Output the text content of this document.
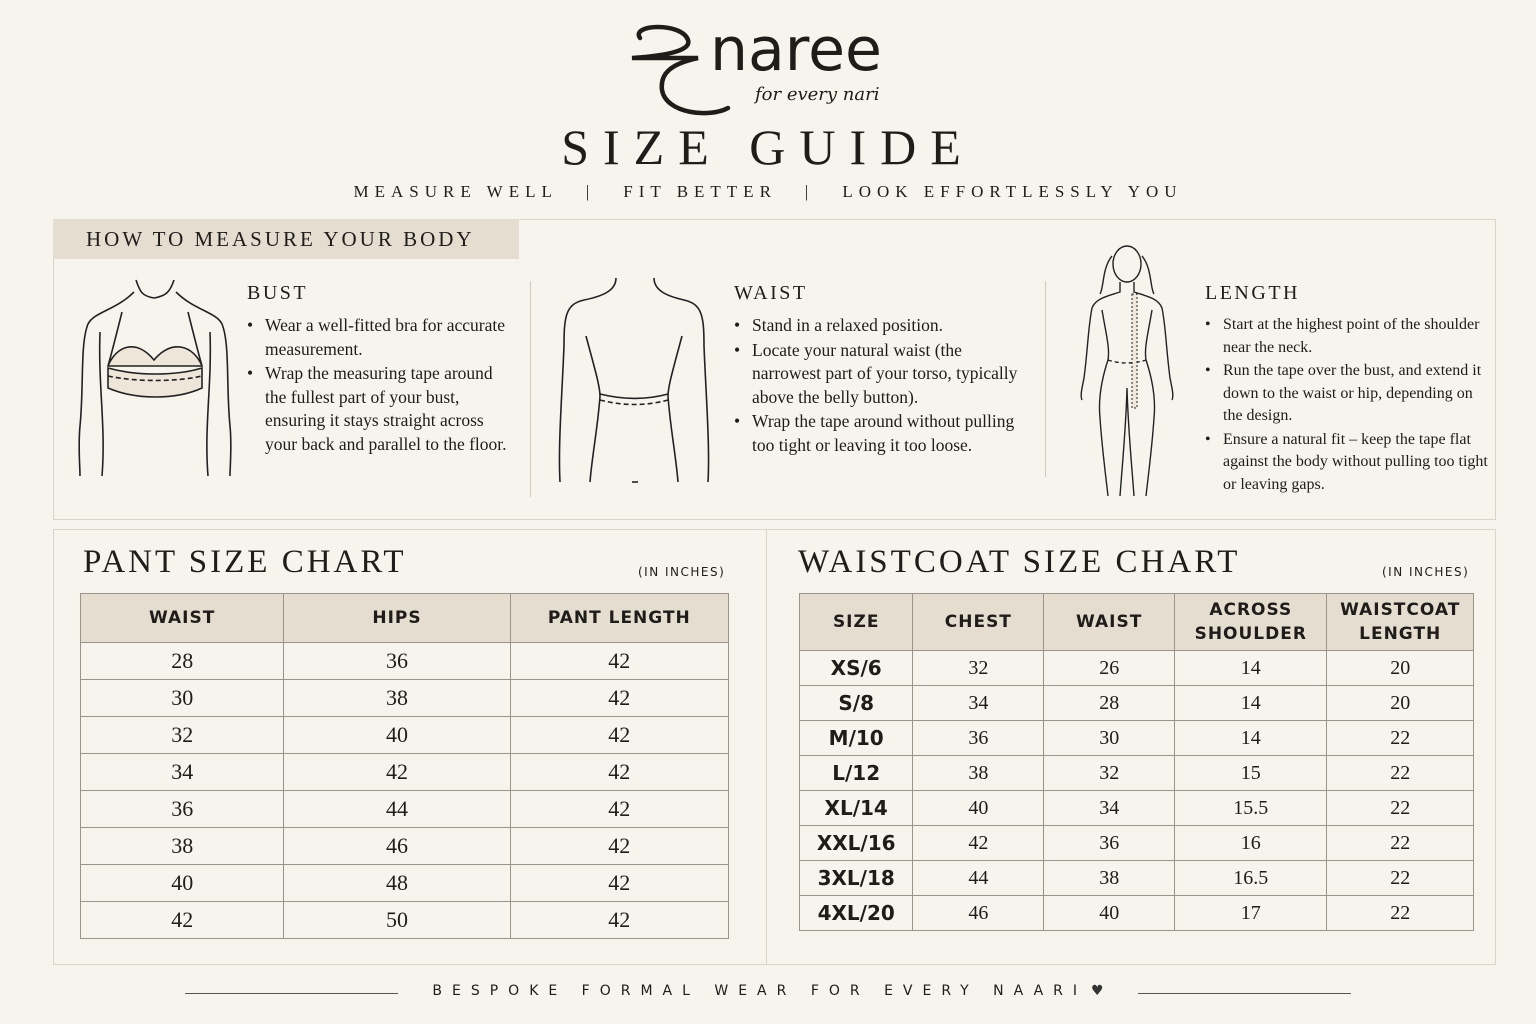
naree
for every nari
SIZE GUIDE
MEASURE WELL | FIT BETTER | LOOK EFFORTLESSLY YOU
HOW TO MEASURE YOUR BODY
BUST
• Wear a well-fitted bra for accurate measurement.
• Wrap the measuring tape around the fullest part of your bust, ensuring it stays straight across your back and parallel to the floor.
WAIST
• Stand in a relaxed position.
• Locate your natural waist (the narrowest part of your torso, typically above the belly button).
• Wrap the tape around without pulling too tight or leaving it too loose.
LENGTH
• Start at the highest point of the shoulder near the neck.
• Run the tape over the bust, and extend it down to the waist or hip, depending on the design.
• Ensure a natural fit – keep the tape flat against the body without pulling too tight or leaving gaps.
PANT SIZE CHART	(IN INCHES)
WAIST	HIPS	PANT LENGTH
28	36	42
30	38	42
32	40	42
34	42	42
36	44	42
38	46	42
40	48	42
42	50	42
WAISTCOAT SIZE CHART	(IN INCHES)
SIZE	CHEST	WAIST	ACROSS SHOULDER	WAISTCOAT LENGTH
XS/6	32	26	14	20
S/8	34	28	14	20
M/10	36	30	14	22
L/12	38	32	15	22
XL/14	40	34	15.5	22
XXL/16	42	36	16	22
3XL/18	44	38	16.5	22
4XL/20	46	40	17	22
BESPOKE FORMAL WEAR FOR EVERY NAARI ♥
